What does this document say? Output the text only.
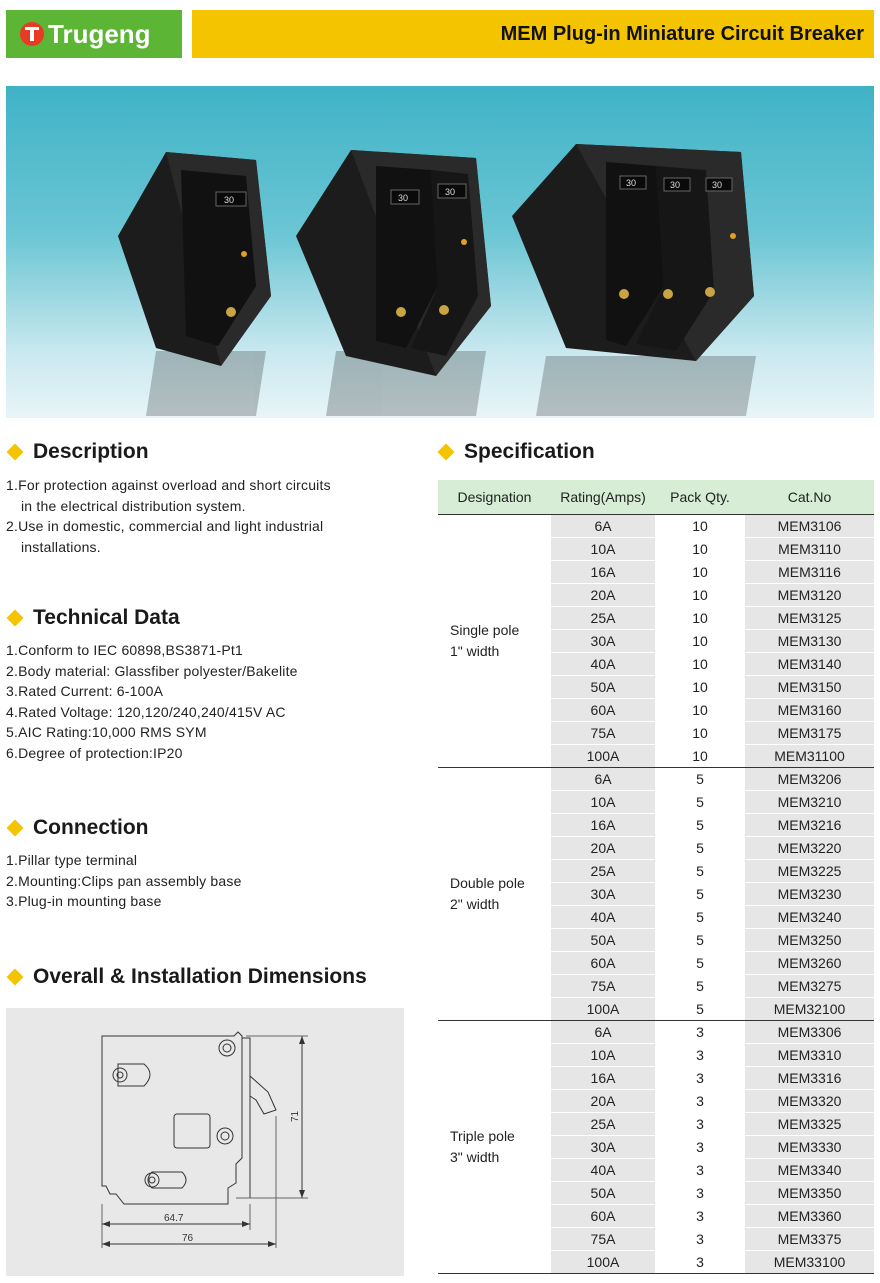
Trugeng	MEM Plug-in Miniature Circuit Breaker
30	30
30
30	30	30
Description
1.For protection against overload and short circuits
in the electrical distribution system.
2.Use in domestic, commercial and light industrial
installations.
Technical Data
1.Conform to IEC 60898,BS3871-Pt1
2.Body material: Glassfiber polyester/Bakelite
3.Rated Current: 6-100A
4.Rated Voltage: 120,120/240,240/415V AC
5.AIC Rating:10,000 RMS SYM
6.Degree of protection:IP20
Connection
1.Pillar type terminal
2.Mounting:Clips pan assembly base
3.Plug-in mounting base
Overall & Installation Dimensions
71
64.7
76
Specification
Designation	Rating(Amps)	Pack Qty.	Cat.No

Single pole
1" width	6A	10	MEM3106
	10A	10	MEM3110
	16A	10	MEM3116
	20A	10	MEM3120
	25A	10	MEM3125
	30A	10	MEM3130
	40A	10	MEM3140
	50A	10	MEM3150
	60A	10	MEM3160
	75A	10	MEM3175
	100A	10	MEM31100

Double pole
2" width	6A	5	MEM3206
	10A	5	MEM3210
	16A	5	MEM3216
	20A	5	MEM3220
	25A	5	MEM3225
	30A	5	MEM3230
	40A	5	MEM3240
	50A	5	MEM3250
	60A	5	MEM3260
	75A	5	MEM3275
	100A	5	MEM32100

Triple pole
3" width	6A	3	MEM3306
	10A	3	MEM3310
	16A	3	MEM3316
	20A	3	MEM3320
	25A	3	MEM3325
	30A	3	MEM3330
	40A	3	MEM3340
	50A	3	MEM3350
	60A	3	MEM3360
	75A	3	MEM3375
	100A	3	MEM33100
